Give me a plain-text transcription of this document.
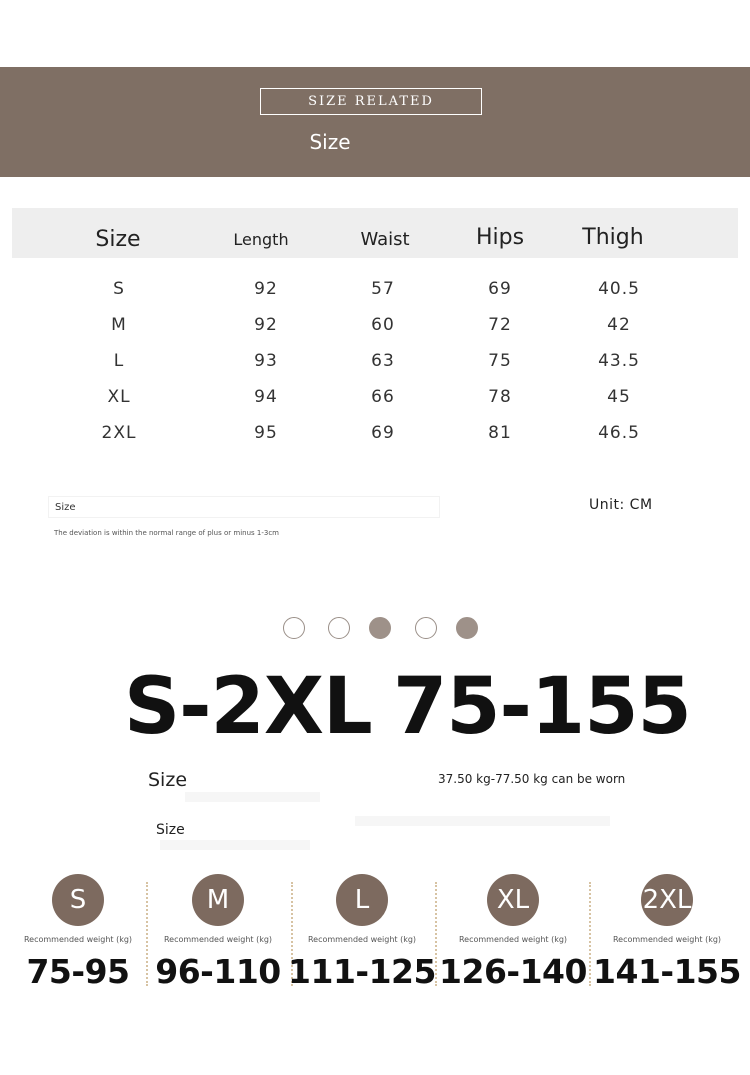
SIZE RELATED
Size
Size	Length	Waist	Hips	Thigh
S	92	57	69	40.5
M	92	60	72	42
L	93	63	75	43.5
XL	94	66	78	45
2XL	95	69	81	46.5
Size
The deviation is within the normal range of plus or minus 1-3cm
Unit: CM
S-2XL 75-155
Size	37.50 kg-77.50 kg can be worn
Size
S
Recommended weight (kg)
75-95
M
Recommended weight (kg)
96-110
L
Recommended weight (kg)
111-125
XL
Recommended weight (kg)
126-140
2XL
Recommended weight (kg)
141-155
